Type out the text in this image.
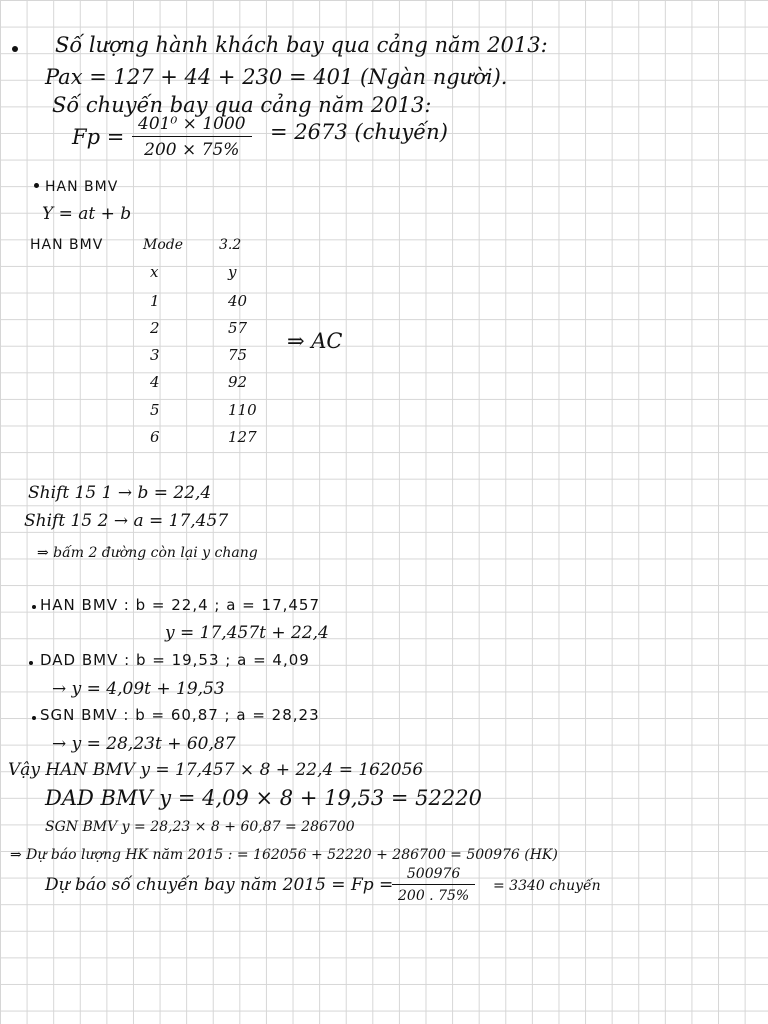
Số lượng hành khách bay qua cảng năm 2013:
Pax = 127 + 44 + 230 = 401 (Ngàn người).
Số chuyến bay qua cảng năm 2013:
$Fp = \frac{\text{401⁰ × 1000}}{200 \times 75\%} = 2673$ (chuyến)
HAN BMV
Y = at + b
HAN BMV	Mode	3.2
x	y
1	40
2	57
3	75
4	92
5	110
6	127
⇒ AC
Shift 15 1 → b = 22,4
Shift 15 2 → a = 17,457
⇒ bấm 2 đường còn lại y chang
HAN BMV : b = 22,4 ; a = 17,457
y = 17,457t + 22,4
DAD BMV : b = 19,53 ; a = 4,09
→ y = 4,09t + 19,53
SGN BMV : b = 60,87 ; a = 28,23
→ y = 28,23t + 60,87
Vậy HAN BMV y = 17,457 × 8 + 22,4 = 162056
DAD BMV y = 4,09 × 8 + 19,53 = 52220
SGN BMV y = 28,23 × 8 + 60,87 = 286700
⇒ Dự báo lượng HK năm 2015 : = 162056 + 52220 + 286700 = 500976 (HK)
Dự báo số chuyến bay năm 2015 = Fp =
$\frac{500976}{200 . 75\%} = 3340$ chuyến
